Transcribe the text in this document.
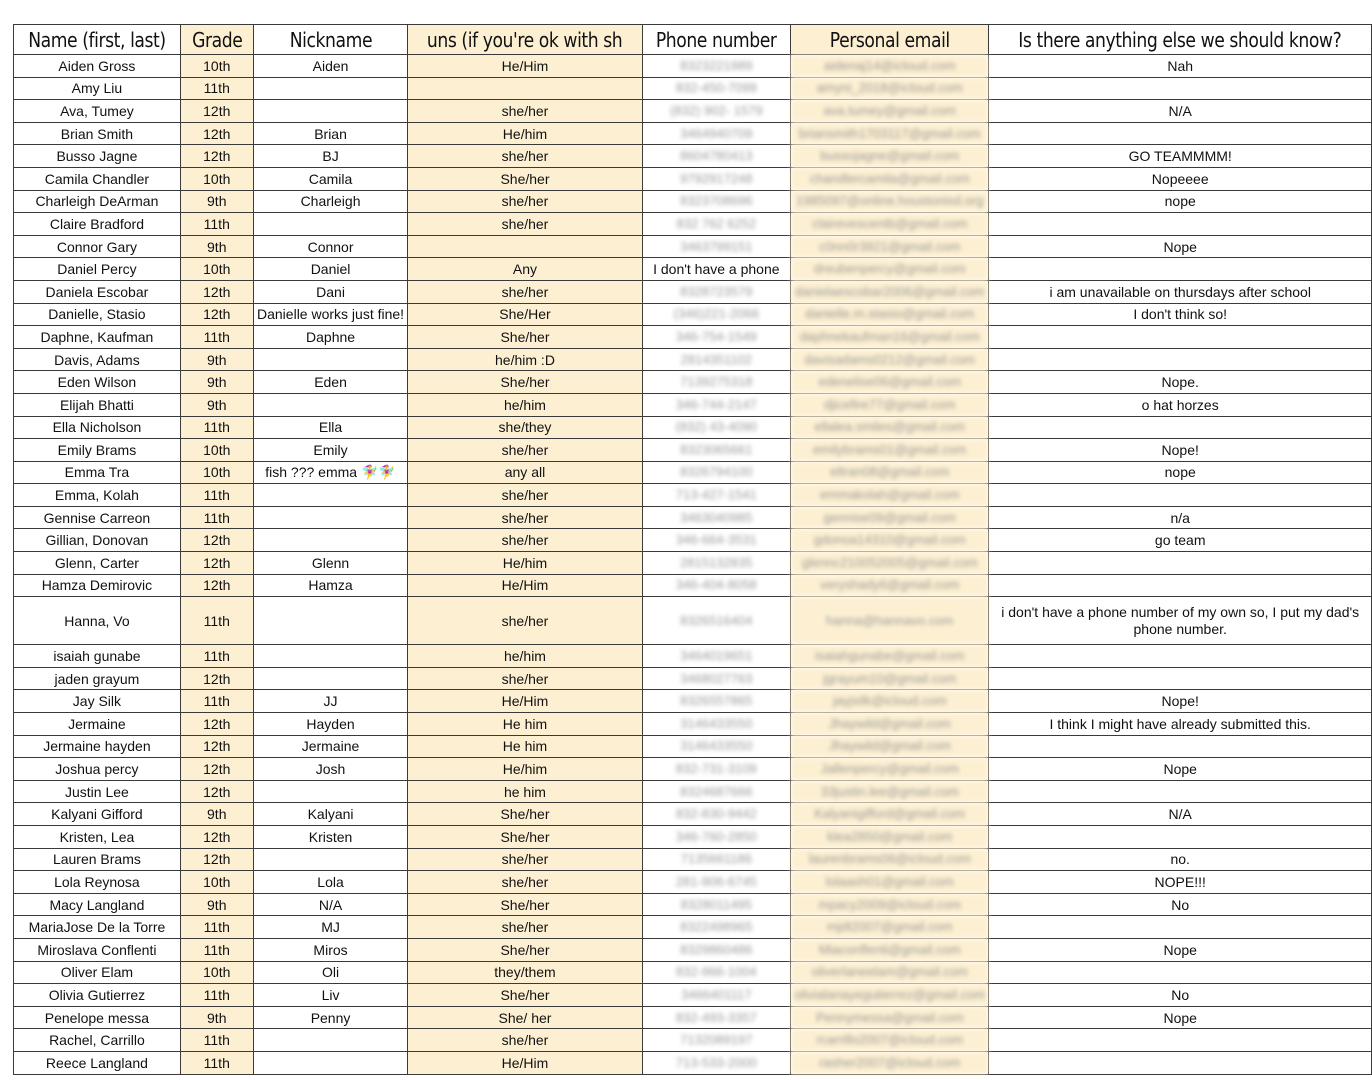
Name (first, last)	Grade	Nickname	uns (if you're ok with sh	Phone number	Personal email	Is there anything else we should know?
Aiden Gross	10th	Aiden	He/Him	8323221989	aidenaj14@icloud.com	Nah
Amy Liu	11th			832-450-7099	amyni_2018@icloud.com	
Ava, Tumey	12th		she/her	(832) 902- 1579	ava.tumey@gmail.com	N/A
Brian Smith	12th	Brian	He/him	3464940709	briansmith1703117@gmail.com	
Busso Jagne	12th	BJ	she/her	8604780413	bussojagne@gmail.com	GO TEAMMMM!
Camila Chandler	10th	Camila	She/her	9792917248	chandlercamila@gmail.com	Nopeeee
Charleigh DeArman	9th	Charleigh	she/her	8323708696	1985097@online.houstonisd.org	nope
Claire Bradford	11th		she/her	832 762 6252	clairevescentb@gmail.com	
Connor Gary	9th	Connor		3463799151	c0nn0r3921@gmail.com	Nope
Daniel Percy	10th	Daniel	Any	I don't have a phone	dreubenpercy@gmail.com	
Daniela Escobar	12th	Dani	she/her	8328723579	danielaescobar2006@gmail.com	i am unavailable on thursdays after school
Danielle, Stasio	12th	Danielle works just fine!	She/Her	(346)221-2066	danielle.m.stasio@gmail.com	I don't think so!
Daphne, Kaufman	11th	Daphne	She/her	346-754-1549	daphnekaufman16@gmail.com	
Davis, Adams	9th		he/him :D	2814351102	davisadams0212@gmail.com	
Eden Wilson	9th	Eden	She/her	7139275318	edenelise06@gmail.com	Nope.
Elijah Bhatti	9th		he/him	346-744-2147	djicefire77@gmail.com	o hat horzes
Ella Nicholson	11th	Ella	she/they	(832) 43-4090	ellalea.smiles@gmail.com	
Emily Brams	10th	Emily	she/her	8323065661	emilybrams01@gmail.com	Nope!
Emma Tra	10th	fish ??? emma 🧚‍♀️🧚‍♀️	any all	8326794100	eltran08@gmail.com	nope
Emma, Kolah	11th		she/her	713-427-1541	emmakolah@gmail.com	
Gennise Carreon	11th		she/her	3463040985	gennise09@gmail.com	n/a
Gillian, Donovan	12th		she/her	346-664-3531	gdonoa14310@gmail.com	go team
Glenn, Carter	12th	Glenn	He/him	2815132835	glennc210052005@gmail.com	
Hamza Demirovic	12th	Hamza	He/Him	346-404-8058	veryshady6@gmail.com	
Hanna, Vo	11th		she/her	8326516404	hanna@hannavo.com	i don't have a phone number of my own so, I put my dad's phone number.
isaiah gunabe	11th		he/him	3464019651	isaiahgunabe@gmail.com	
jaden grayum	12th		she/her	3468027763	jgrayum10@gmail.com	
Jay Silk	11th	JJ	He/Him	8326557865	jayjsilk@icloud.com	Nope!
Jermaine	12th	Hayden	He him	3146433550	Jhaywild@gmail.com	I think I might have already submitted this.
Jermaine hayden	12th	Jermaine	He him	3146433550	Jhaywild@gmail.com	
Joshua percy	12th	Josh	He/him	832-731-3109	Jallenpercy@gmail.com	Nope
Justin Lee	12th		he him	8324687666	33justin.lee@gmail.com	
Kalyani Gifford	9th	Kalyani	She/her	832-830-9442	Kalyanigifford@gmail.com	N/A
Kristen, Lea	12th	Kristen	She/her	346-760-2850	klea2850@gmail.com	
Lauren Brams	12th		she/her	7135661186	laurenbrams06@icloud.com	no.
Lola Reynosa	10th	Lola	she/her	281-906-6745	lolaash01@gmail.com	NOPE!!!
Macy Langland	9th	N/A	She/her	8328011495	mpacy2009@icloud.com	No
MariaJose De la Torre	11th	MJ	she/her	8322498965	mjdt2007@gmail.com	
Miroslava Conflenti	11th	Miros	She/her	8329860486	Miaconflenti@gmail.com	Nope
Oliver Elam	10th	Oli	they/them	832-966-1004	oliverlaneelam@gmail.com	
Olivia Gutierrez	11th	Liv	She/her	3466401117	olivialanayegutierrez@gmail.com	No
Penelope messa	9th	Penny	She/ her	832-493-3357	Pennymessa@gmail.com	Nope
Rachel, Carrillo	11th		she/her	7132089197	rcarrillo2007@icloud.com	
Reece Langland	11th		He/Him	713-533-2000	rasher2007@icloud.com	
